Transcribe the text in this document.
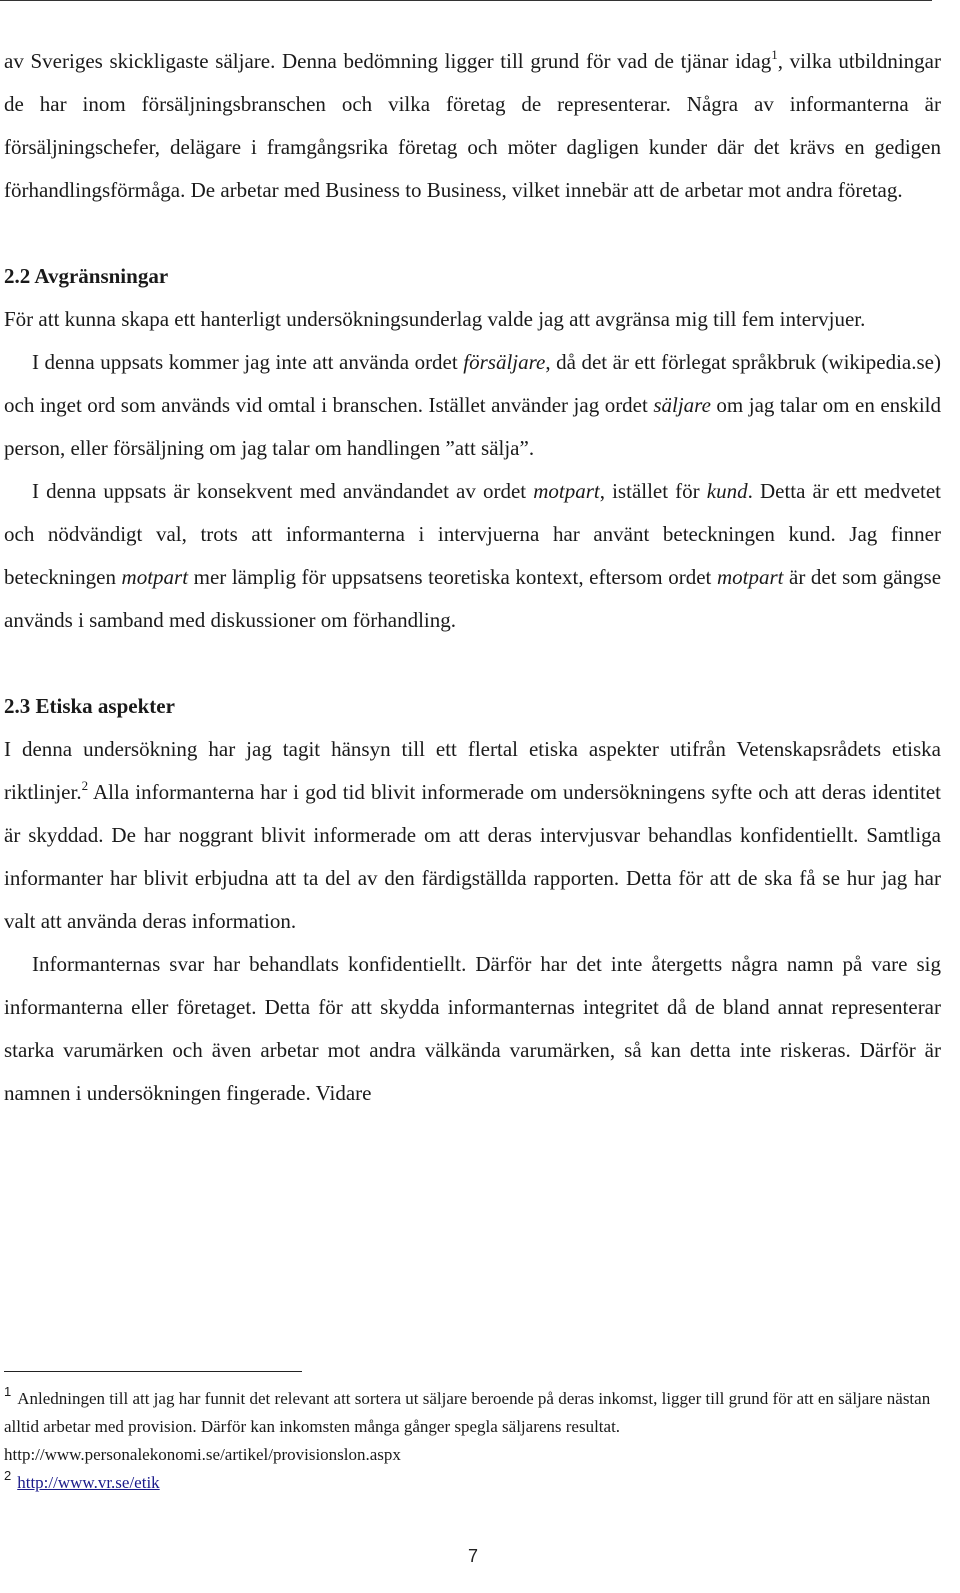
av Sveriges skickligaste säljare. Denna bedömning ligger till grund för vad de tjänar idag$^1$, vilka utbildningar de har inom försäljningsbranschen och vilka företag de representerar. Några av informanterna är försäljningschefer, delägare i framgångsrika företag och möter dagligen kunder där det krävs en gedigen förhandlingsförmåga. De arbetar med Business to Business, vilket innebär att de arbetar mot andra företag.

2.2 Avgränsningar

För att kunna skapa ett hanterligt undersökningsunderlag valde jag att avgränsa mig till fem intervjuer.

I denna uppsats kommer jag inte att använda ordet försäljare, då det är ett förlegat språkbruk (wikipedia.se) och inget ord som används vid omtal i branschen. Istället använder jag ordet säljare om jag talar om en enskild person, eller försäljning om jag talar om handlingen ”att sälja”.

I denna uppsats är konsekvent med användandet av ordet motpart, istället för kund. Detta är ett medvetet och nödvändigt val, trots att informanterna i intervjuerna har använt beteckningen kund. Jag finner beteckningen motpart mer lämplig för uppsatsens teoretiska kontext, eftersom ordet motpart är det som gängse används i samband med diskussioner om förhandling.

2.3 Etiska aspekter

I denna undersökning har jag tagit hänsyn till ett flertal etiska aspekter utifrån Vetenskapsrådets etiska riktlinjer.$^2$ Alla informanterna har i god tid blivit informerade om undersökningens syfte och att deras identitet är skyddad. De har noggrant blivit informerade om att deras intervjusvar behandlas konfidentiellt. Samtliga informanter har blivit erbjudna att ta del av den färdigställda rapporten. Detta för att de ska få se hur jag har valt att använda deras information.

Informanternas svar har behandlats konfidentiellt. Därför har det inte återgetts några namn på vare sig informanterna eller företaget. Detta för att skydda informanternas integritet då de bland annat representerar starka varumärken och även arbetar mot andra välkända varumärken, så kan detta inte riskeras. Därför är namnen i undersökningen fingerade. Vidare

$^1$ Anledningen till att jag har funnit det relevant att sortera ut säljare beroende på deras inkomst, ligger till grund för att en säljare nästan alltid arbetar med provision. Därför kan inkomsten många gånger spegla säljarens resultat. http://www.personalekonomi.se/artikel/provisionslon.aspx

$^2$ http://www.vr.se/etik

7
